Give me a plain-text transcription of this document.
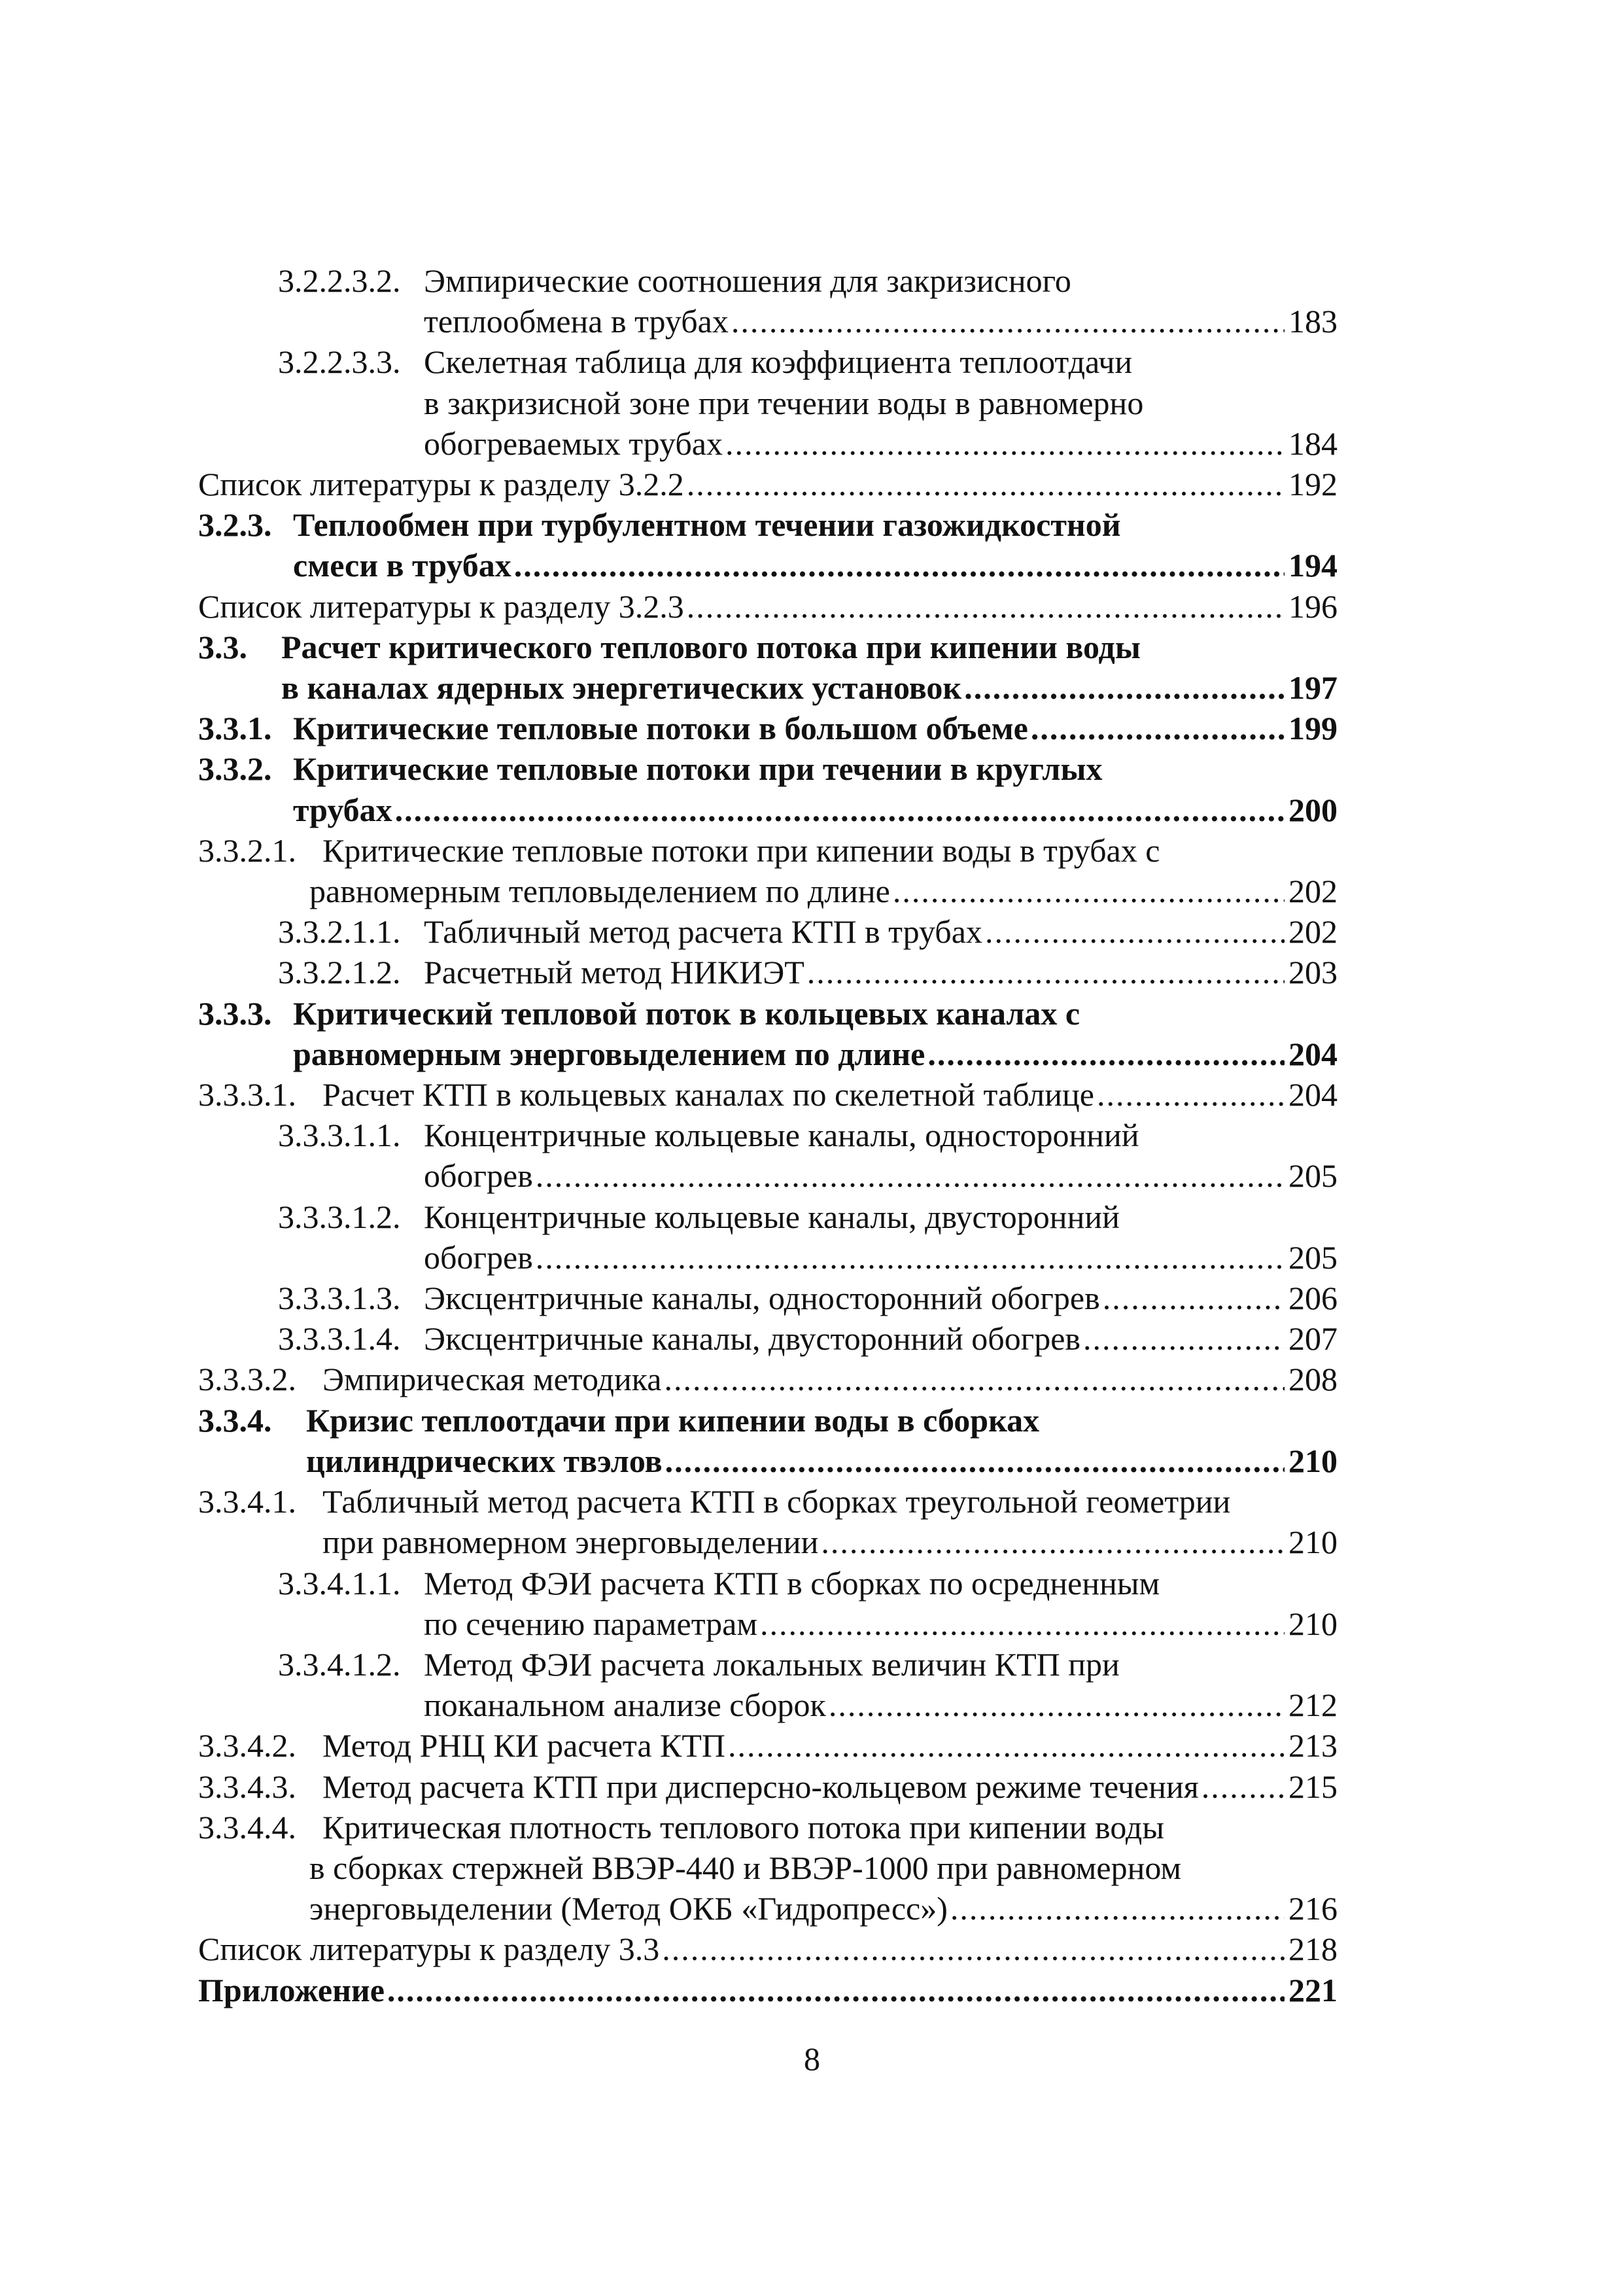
3.2.2.3.2. Эмпирические соотношения для закризисного
теплообмена в трубах .....	183
3.2.2.3.3. Скелетная таблица для коэффициента теплоотдачи
в закризисной зоне при течении воды в равномерно
обогреваемых трубах .....	184
Список литературы к разделу 3.2.2 .....	192
3.2.3. Теплообмен при турбулентном течении газожидкостной
смеси в трубах .....	194
Список литературы к разделу 3.2.3 .....	196
3.3.	Расчет критического теплового потока при кипении воды
в каналах ядерных энергетических установок .....	197
3.3.1. Критические тепловые потоки в большом объеме .....	199
3.3.2. Критические тепловые потоки при течении в круглых
трубах .....	200
3.3.2.1. Критические тепловые потоки при кипении воды в трубах с
равномерным тепловыделением по длине .....	202
3.3.2.1.1. Табличный метод расчета КТП в трубах .....	202
3.3.2.1.2. Расчетный метод НИКИЭТ .....	203
3.3.3. Критический тепловой поток в кольцевых каналах с
равномерным энерговыделением по длине .....	204
3.3.3.1. Расчет КТП в кольцевых каналах по скелетной таблице .....	204
3.3.3.1.1. Концентричные кольцевые каналы, односторонний
обогрев .....	205
3.3.3.1.2. Концентричные кольцевые каналы, двусторонний
обогрев .....	205
3.3.3.1.3. Эксцентричные каналы, односторонний обогрев .....	206
3.3.3.1.4. Эксцентричные каналы, двусторонний обогрев .....	207
3.3.3.2. Эмпирическая методика .....	208
3.3.4.	Кризис теплоотдачи при кипении воды в сборках
цилиндрических твэлов .....	210
3.3.4.1. Табличный метод расчета КТП в сборках треугольной геометрии
при равномерном энерговыделении .....	210
3.3.4.1.1. Метод ФЭИ расчета КТП в сборках по осредненным
по сечению параметрам .....	210
3.3.4.1.2. Метод ФЭИ расчета локальных величин КТП при
поканальном анализе сборок .....	212
3.3.4.2. Метод РНЦ КИ расчета КТП .....	213
3.3.4.3. Метод расчета КТП при дисперсно-кольцевом режиме течения .....	215
3.3.4.4. Критическая плотность теплового потока при кипении воды
в сборках стержней ВВЭР-440 и ВВЭР-1000 при равномерном
энерговыделении (Метод ОКБ «Гидропресс») .....	216
Список литературы к разделу 3.3 .....	218
Приложение .....	221
8
